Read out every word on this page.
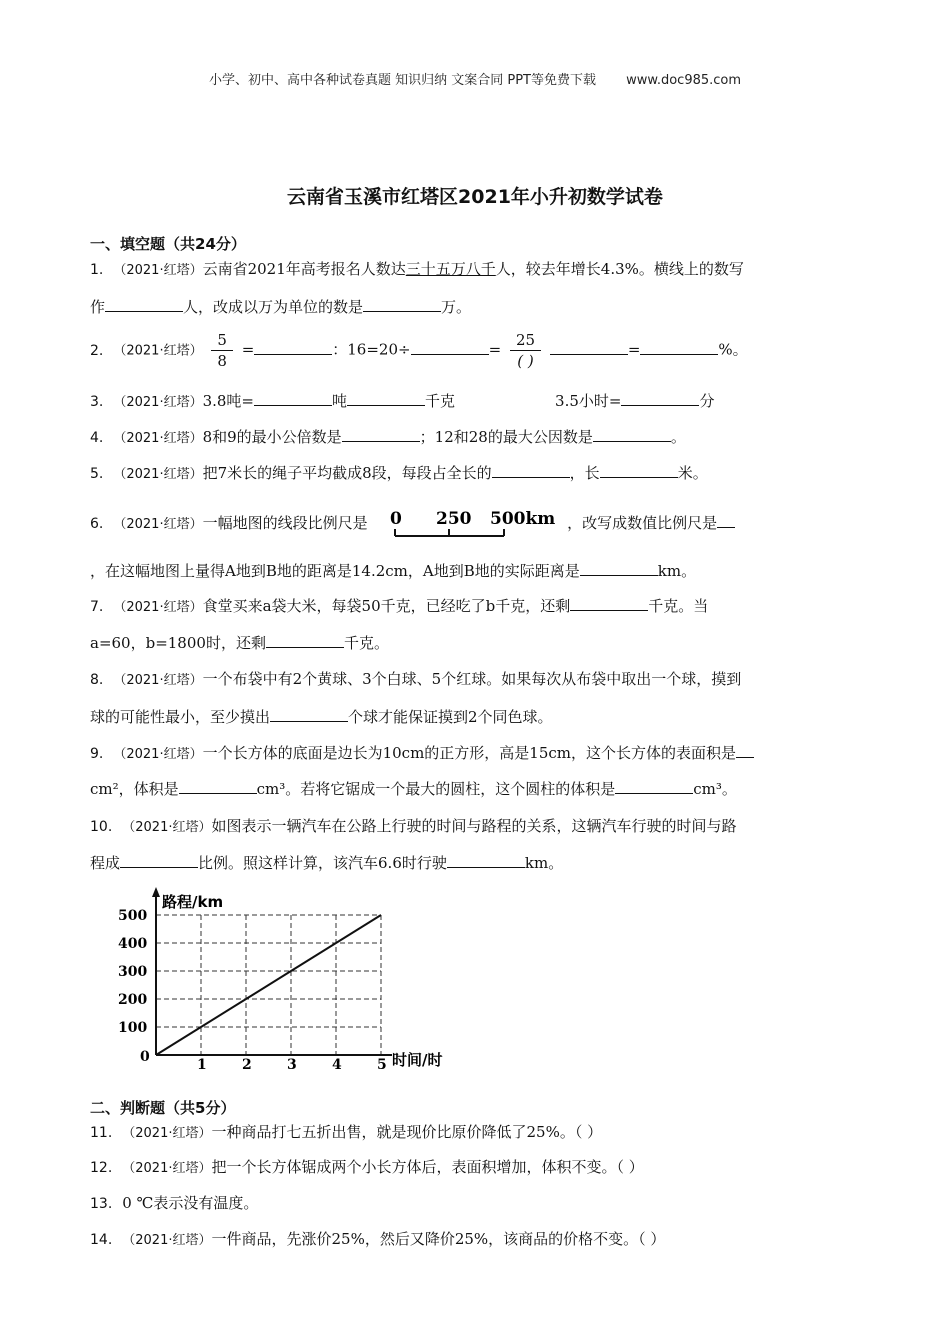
小学、初中、高中各种试卷真题 知识归纳 文案合同 PPT等免费下载 www.doc985.com
云南省玉溪市红塔区2021年小升初数学试卷
一、填空题（共24分）
1. （2021·红塔）云南省2021年高考报名人数达三十五万八千人，较去年增长4.3%。横线上的数写
作	人，改成以万为单位的数是	万。
2. （2021·红塔） $\frac{5}{8}$ =	：16=20÷	= $\frac{25}{( )}$	=	%。
3. （2021·红塔）3.8吨=	吨	千克	3.5小时=	分
4. （2021·红塔）8和9的最小公倍数是	；12和28的最大公因数是	。
5. （2021·红塔）把7米长的绳子平均截成8段，每段占全长的	，长	米。
6. （2021·红塔）一幅地图的线段比例尺是 0 250 500km ，改写成数值比例尺是
，在这幅地图上量得A地到B地的距离是14.2cm，A地到B地的实际距离是	km。
7. （2021·红塔）食堂买来a袋大米，每袋50千克，已经吃了b千克，还剩	千克。当
a=60，b=1800时，还剩	千克。
8. （2021·红塔）一个布袋中有2个黄球、3个白球、5个红球。如果每次从布袋中取出一个球，摸到
球的可能性最小，至少摸出	个球才能保证摸到2个同色球。
9. （2021·红塔）一个长方体的底面是边长为10cm的正方形，高是15cm，这个长方体的表面积是
cm²，体积是	cm³。若将它锯成一个最大的圆柱，这个圆柱的体积是	cm³。
10. （2021·红塔）如图表示一辆汽车在公路上行驶的时间与路程的关系，这辆汽车行驶的时间与路
程成	比例。照这样计算，该汽车6.6时行驶	km。
路程/km
时间/时
0	1	2	3	4	5
100
200
300
400
500
二、判断题（共5分）
11. （2021·红塔）一种商品打七五折出售，就是现价比原价降低了25%。（ ）
12. （2021·红塔）把一个长方体锯成两个小长方体后，表面积增加，体积不变。（ ）
13. 0 ℃表示没有温度。
14. （2021·红塔）一件商品，先涨价25%，然后又降价25%，该商品的价格不变。（ ）
